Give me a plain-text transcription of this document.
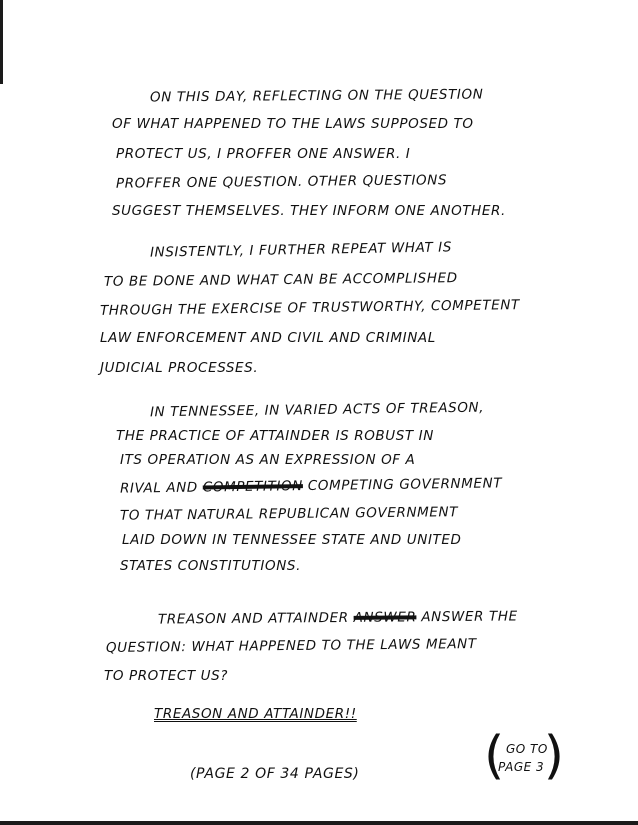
ON THIS DAY, REFLECTING ON THE QUESTION
OF WHAT HAPPENED TO THE LAWS SUPPOSED TO
PROTECT US, I PROFFER ONE ANSWER. I
PROFFER ONE QUESTION. OTHER QUESTIONS
SUGGEST THEMSELVES. THEY INFORM ONE ANOTHER.
INSISTENTLY, I FURTHER REPEAT WHAT IS
TO BE DONE AND WHAT CAN BE ACCOMPLISHED
THROUGH THE EXERCISE OF TRUSTWORTHY, COMPETENT
LAW ENFORCEMENT AND CIVIL AND CRIMINAL
JUDICIAL PROCESSES.
IN TENNESSEE, IN VARIED ACTS OF TREASON,
THE PRACTICE OF ATTAINDER IS ROBUST IN
ITS OPERATION AS AN EXPRESSION OF A
RIVAL AND COMPETITION COMPETING GOVERNMENT
TO THAT NATURAL REPUBLICAN GOVERNMENT
LAID DOWN IN TENNESSEE STATE AND UNITED
STATES CONSTITUTIONS.
TREASON AND ATTAINDER ANSWER ANSWER THE
QUESTION: WHAT HAPPENED TO THE LAWS MEANT
TO PROTECT US?
TREASON AND ATTAINDER!!
(PAGE 2 OF 34 PAGES) ( GO TO
PAGE 3 )
